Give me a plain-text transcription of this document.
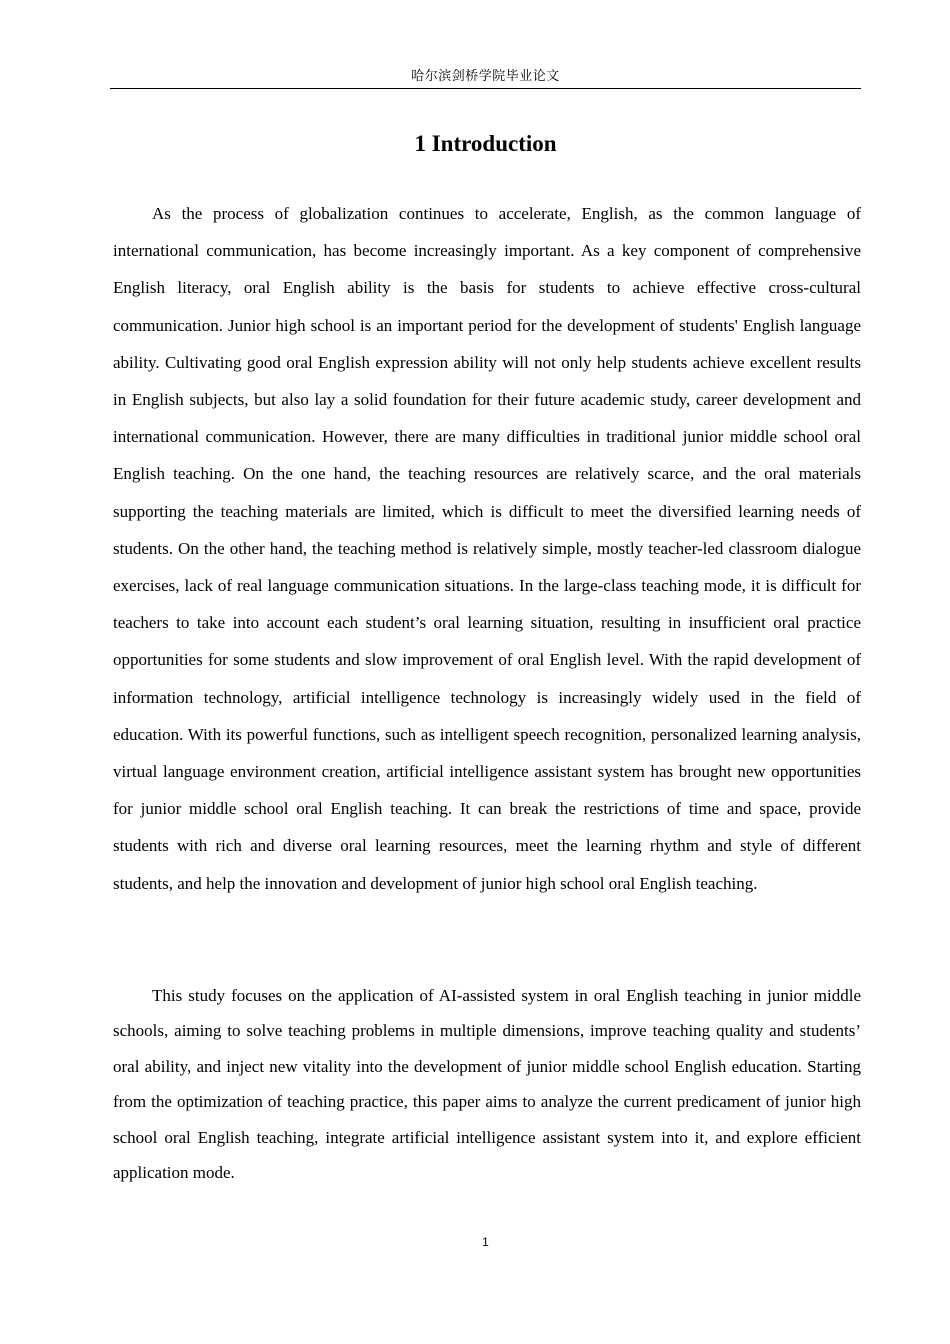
哈尔滨剑桥学院毕业论文
1 Introduction

As the process of globalization continues to accelerate, English, as the common language of international communication, has become increasingly important. As a key component of comprehensive English literacy, oral English ability is the basis for students to achieve effective cross-cultural communication. Junior high school is an important period for the development of students' English language ability. Cultivating good oral English expression ability will not only help students achieve excellent results in English subjects, but also lay a solid foundation for their future academic study, career development and international communication. However, there are many difficulties in traditional junior middle school oral English teaching. On the one hand, the teaching resources are relatively scarce, and the oral materials supporting the teaching materials are limited, which is difficult to meet the diversified learning needs of students. On the other hand, the teaching method is relatively simple, mostly teacher-led classroom dialogue exercises, lack of real language communication situations. In the large-class teaching mode, it is difficult for teachers to take into account each student’s oral learning situation, resulting in insufficient oral practice opportunities for some students and slow improvement of oral English level. With the rapid development of information technology, artificial intelligence technology is increasingly widely used in the field of education. With its powerful functions, such as intelligent speech recognition, personalized learning analysis, virtual language environment creation, artificial intelligence assistant system has brought new opportunities for junior middle school oral English teaching. It can break the restrictions of time and space, provide students with rich and diverse oral learning resources, meet the learning rhythm and style of different students, and help the innovation and development of junior high school oral English teaching.

This study focuses on the application of AI-assisted system in oral English teaching in junior middle schools, aiming to solve teaching problems in multiple dimensions, improve teaching quality and students’ oral ability, and inject new vitality into the development of junior middle school English education. Starting from the optimization of teaching practice, this paper aims to analyze the current predicament of junior high school oral English teaching, integrate artificial intelligence assistant system into it, and explore efficient application mode.

1
